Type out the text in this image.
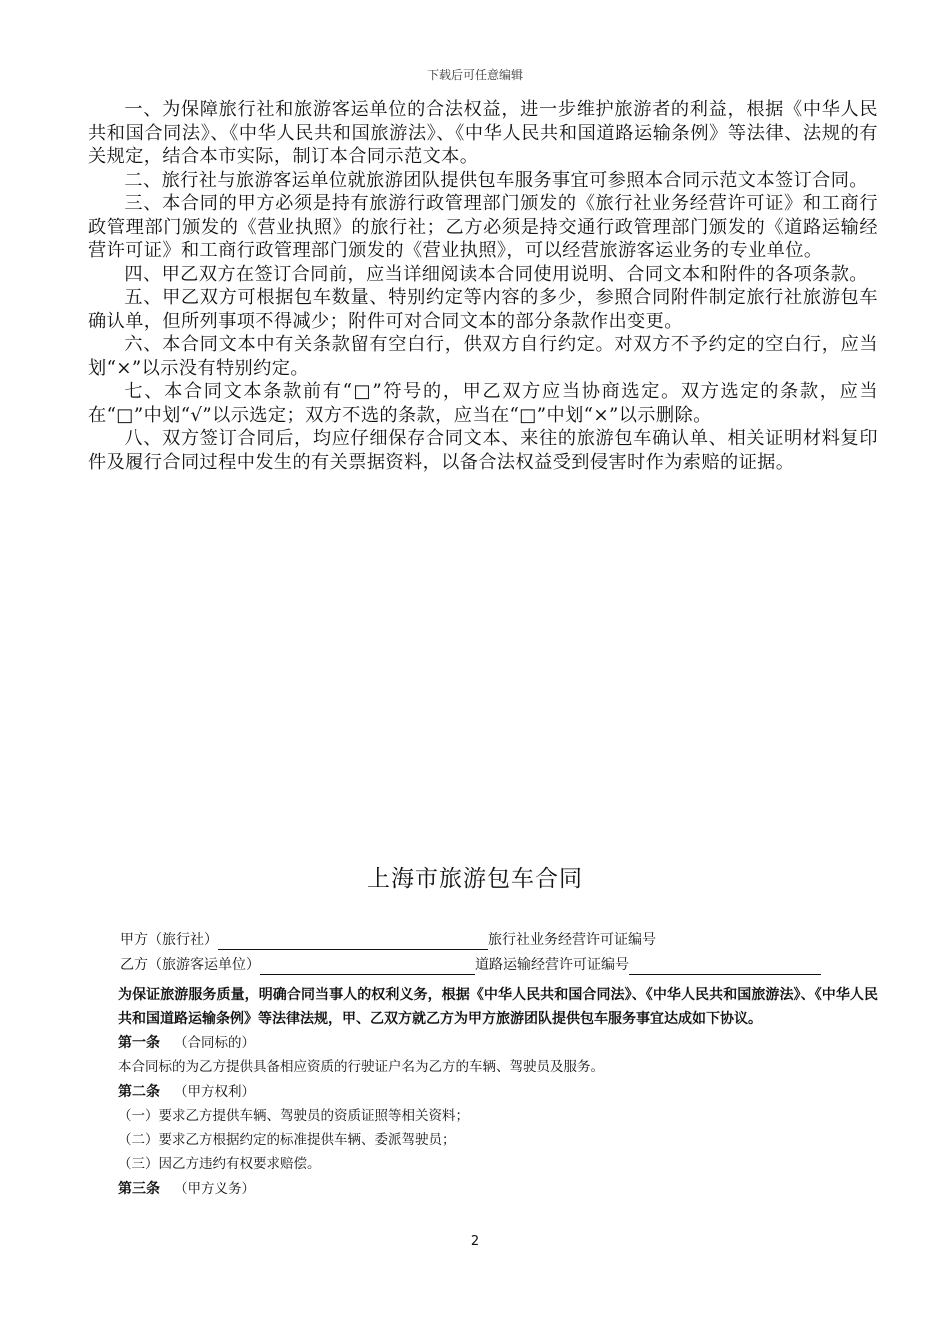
下载后可任意编辑

一、为保障旅行社和旅游客运单位的合法权益，进一步维护旅游者的利益，根据《中华人民共和国合同法》、《中华人民共和国旅游法》、《中华人民共和国道路运输条例》等法律、法规的有关规定，结合本市实际，制订本合同示范文本。

二、旅行社与旅游客运单位就旅游团队提供包车服务事宜可参照本合同示范文本签订合同。

三、本合同的甲方必须是持有旅游行政管理部门颁发的《旅行社业务经营许可证》和工商行政管理部门颁发的《营业执照》的旅行社；乙方必须是持交通行政管理部门颁发的《道路运输经营许可证》和工商行政管理部门颁发的《营业执照》，可以经营旅游客运业务的专业单位。

四、甲乙双方在签订合同前，应当详细阅读本合同使用说明、合同文本和附件的各项条款。

五、甲乙双方可根据包车数量、特别约定等内容的多少，参照合同附件制定旅行社旅游包车确认单，但所列事项不得减少；附件可对合同文本的部分条款作出变更。

六、本合同文本中有关条款留有空白行，供双方自行约定。对双方不予约定的空白行，应当划“×”以示没有特别约定。

七、本合同文本条款前有“□”符号的，甲乙双方应当协商选定。双方选定的条款，应当在“□”中划“√”以示选定；双方不选的条款，应当在“□”中划“×”以示删除。

八、双方签订合同后，均应仔细保存合同文本、来往的旅游包车确认单、相关证明材料复印件及履行合同过程中发生的有关票据资料，以备合法权益受到侵害时作为索赔的证据。

上海市旅游包车合同
甲方（旅行社）	旅行社业务经营许可证编号
乙方（旅游客运单位）	道路运输经营许可证编号

为保证旅游服务质量，明确合同当事人的权利义务，根据《中华人民共和国合同法》、《中华人民共和国旅游法》、《中华人民共和国道路运输条例》等法律法规，甲、乙双方就乙方为甲方旅游团队提供包车服务事宜达成如下协议。

第一条 （合同标的）

本合同标的为乙方提供具备相应资质的行驶证户名为乙方的车辆、驾驶员及服务。

第二条 （甲方权利）

（一）要求乙方提供车辆、驾驶员的资质证照等相关资料；

（二）要求乙方根据约定的标准提供车辆、委派驾驶员；

（三）因乙方违约有权要求赔偿。

第三条 （甲方义务）

2
